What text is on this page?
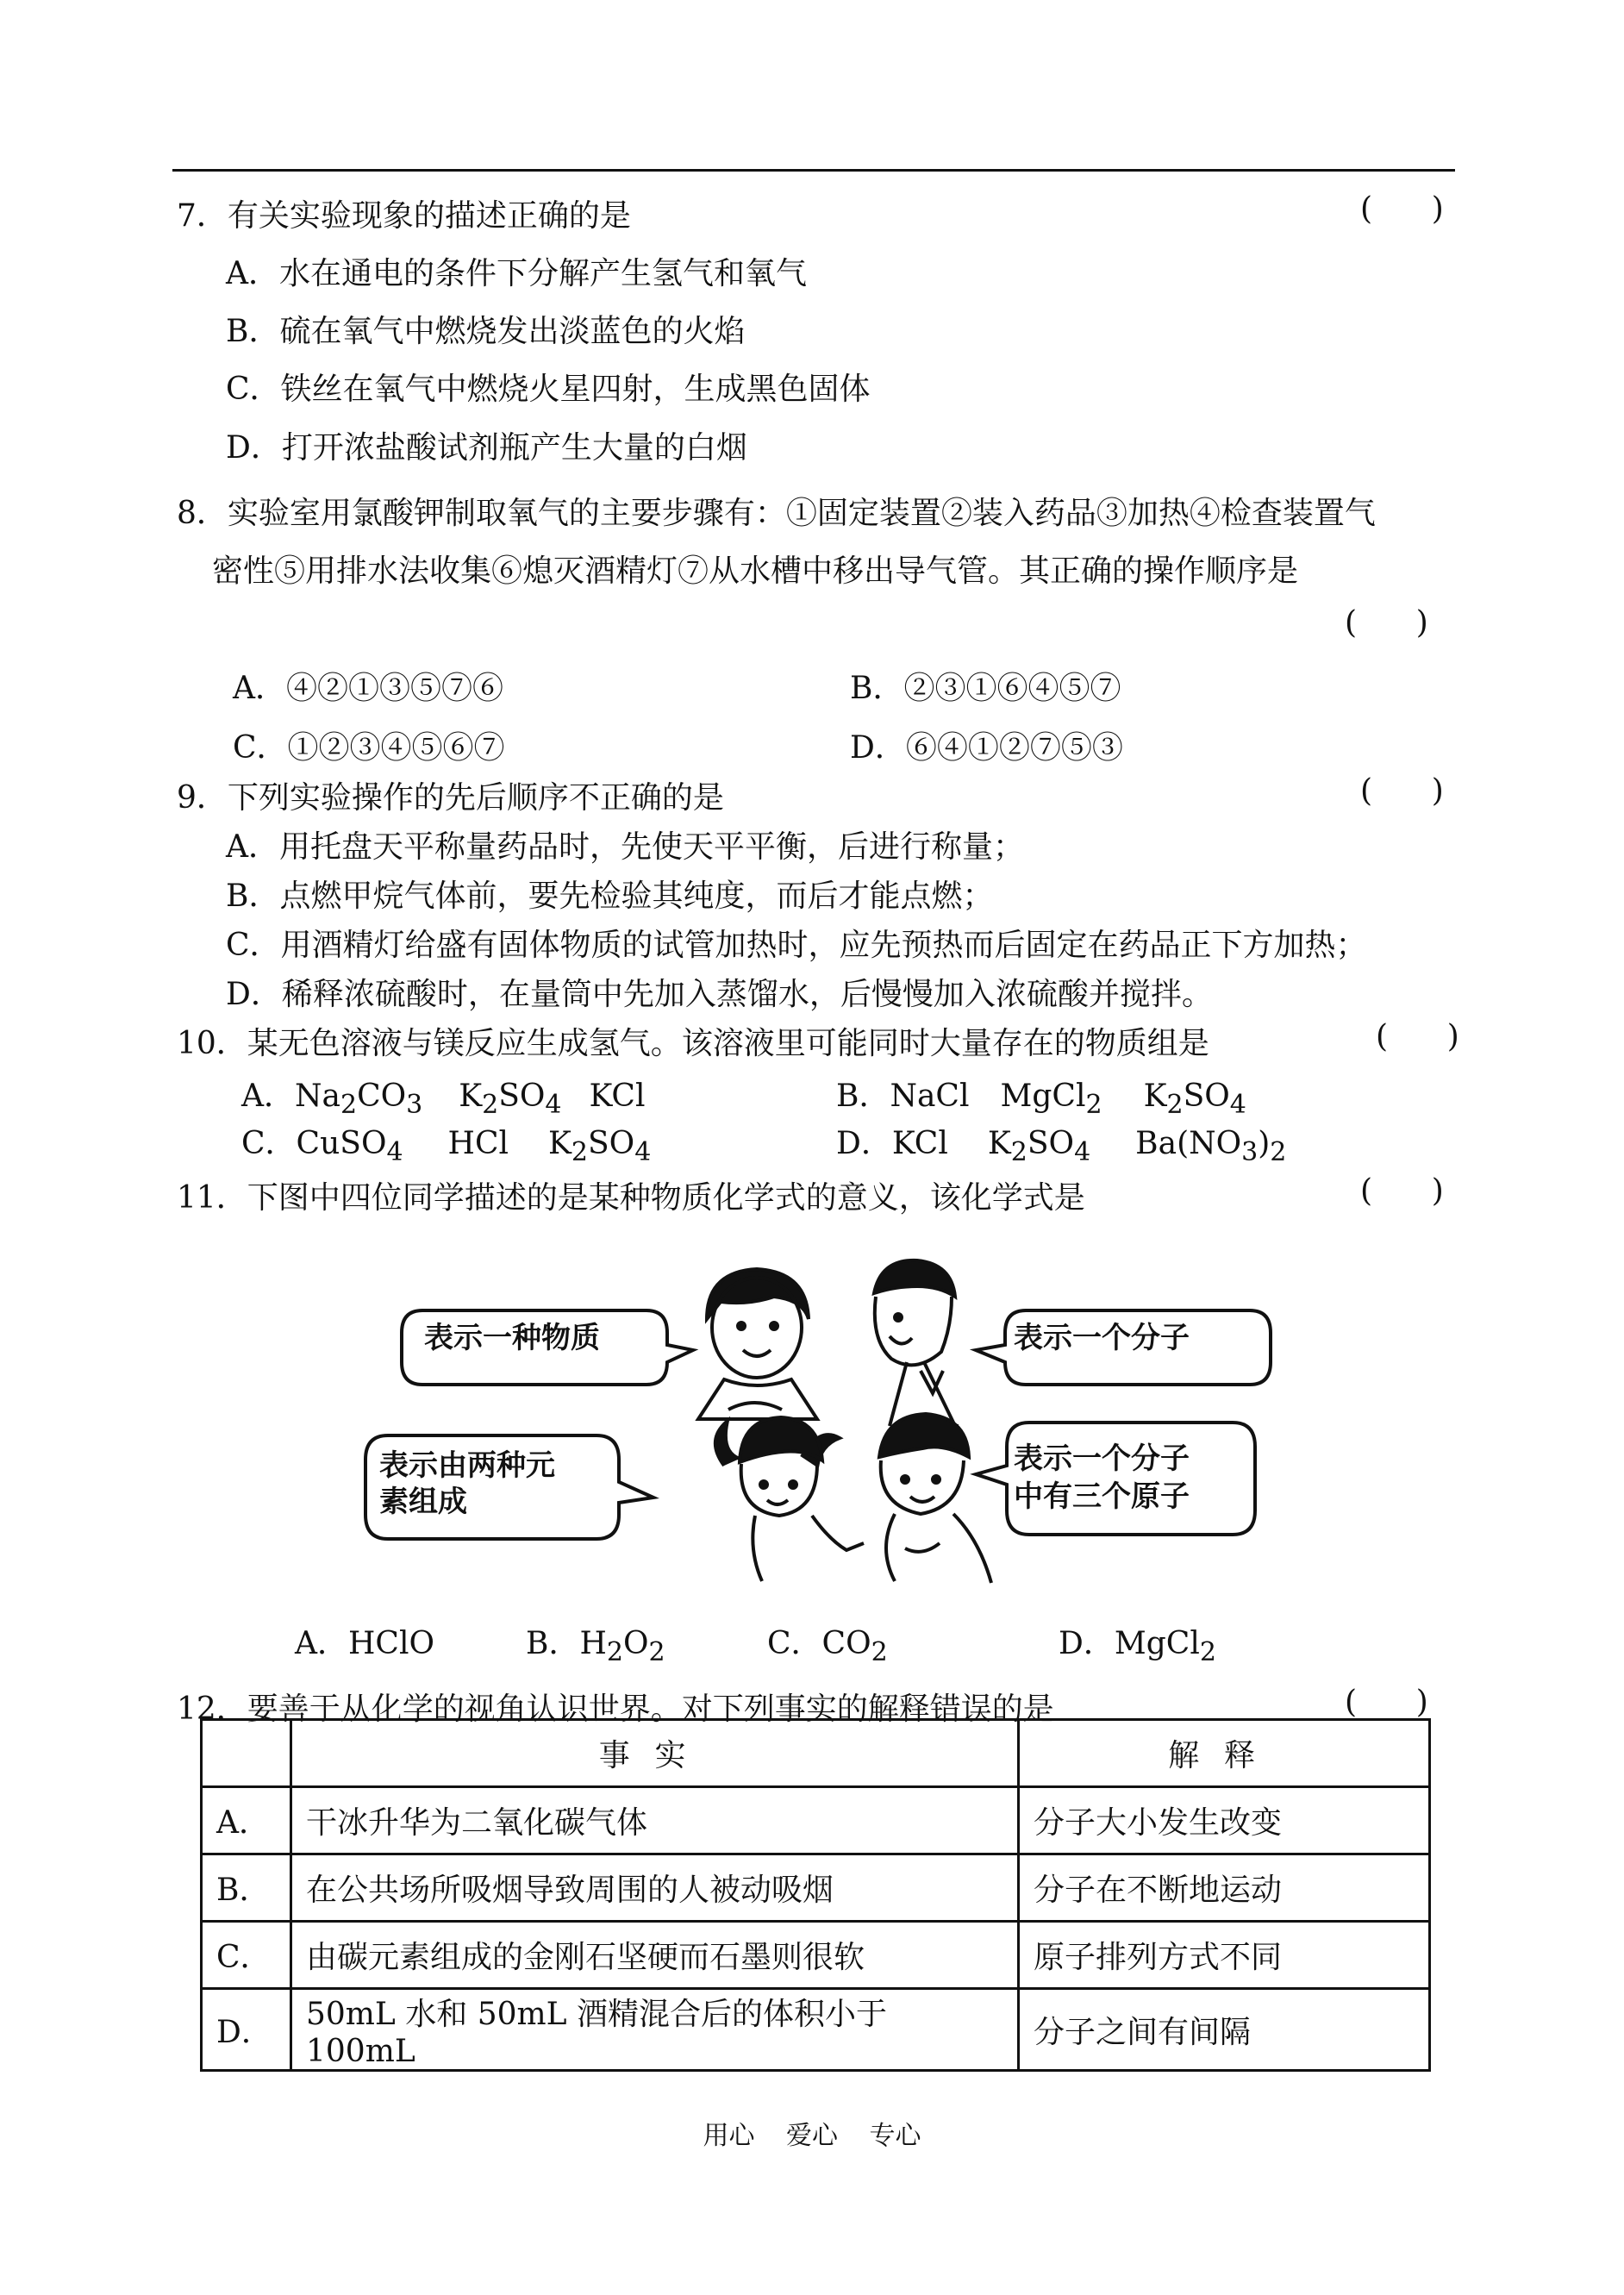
7．有关实验现象的描述正确的是	(      )
A．水在通电的条件下分解产生氢气和氧气
B．硫在氧气中燃烧发出淡蓝色的火焰
C．铁丝在氧气中燃烧火星四射，生成黑色固体
D．打开浓盐酸试剂瓶产生大量的白烟
8．实验室用氯酸钾制取氧气的主要步骤有：①固定装置②装入药品③加热④检查装置气
密性⑤用排水法收集⑥熄灭酒精灯⑦从水槽中移出导气管。其正确的操作顺序是
(      )
A．④②①③⑤⑦⑥	B．②③①⑥④⑤⑦
C．①②③④⑤⑥⑦	D．⑥④①②⑦⑤③
9．下列实验操作的先后顺序不正确的是	(      )
A．用托盘天平称量药品时，先使天平平衡，后进行称量；
B．点燃甲烷气体前，要先检验其纯度，而后才能点燃；
C．用酒精灯给盛有固体物质的试管加热时，应先预热而后固定在药品正下方加热；
D．稀释浓硫酸时，在量筒中先加入蒸馏水，后慢慢加入浓硫酸并搅拌。
10．某无色溶液与镁反应生成氢气。该溶液里可能同时大量存在的物质组是	(      )
A．$Na_2CO_3$ $K_2SO_4$ KCl	B．NaCl MgCl$_2$ $K_2SO_4$
C．CuSO$_4$ HCl $K_2SO_4$	D．KCl $K_2SO_4$ $Ba(NO_3)_2$
11．下图中四位同学描述的是某种物质化学式的意义，该化学式是	(      )
表示一种物质	表示一个分子
表示由两种元
素组成
表示一个分子
中有三个原子
A．HClO	B．$H_2O_2$	C．$CO_2$	D．MgCl$_2$
12．要善于从化学的视角认识世界。对下列事实的解释错误的是	(      )
	事实	解释
A．	干冰升华为二氧化碳气体	分子大小发生改变
B．	在公共场所吸烟导致周围的人被动吸烟	分子在不断地运动
C．	由碳元素组成的金刚石坚硬而石墨则很软	原子排列方式不同
D．	50mL 水和 50mL 酒精混合后的体积小于 100mL	分子之间有间隔
用心 爱心 专心
